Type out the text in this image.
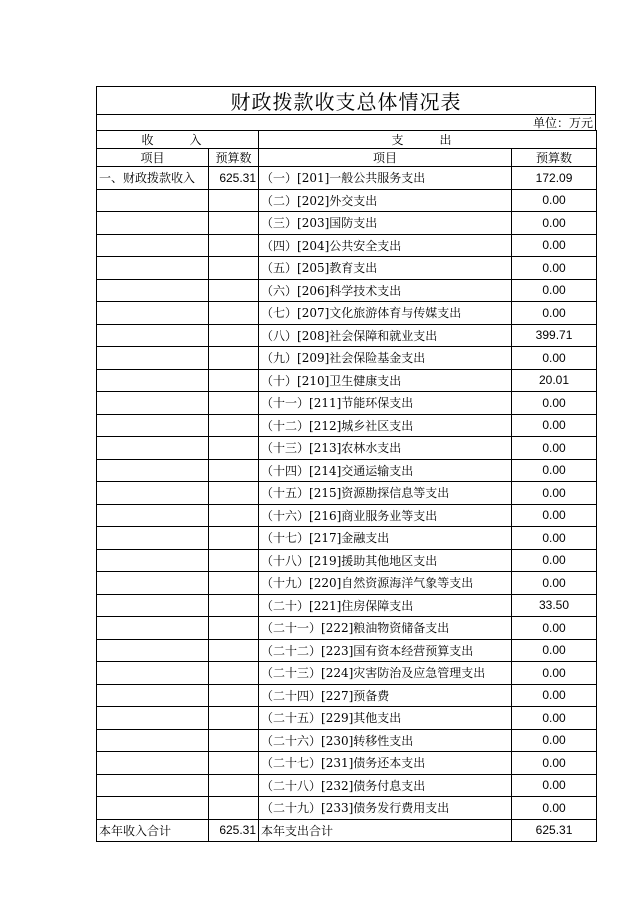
财政拨款收支总体情况表
单位：万元
收　入		支　出	
项目	预算数	项目	预算数
一、财政拨款收入	625.31	（一）[201]一般公共服务支出	172.09
		（二）[202]外交支出	0.00
		（三）[203]国防支出	0.00
		（四）[204]公共安全支出	0.00
		（五）[205]教育支出	0.00
		（六）[206]科学技术支出	0.00
		（七）[207]文化旅游体育与传媒支出	0.00
		（八）[208]社会保障和就业支出	399.71
		（九）[209]社会保险基金支出	0.00
		（十）[210]卫生健康支出	20.01
		（十一）[211]节能环保支出	0.00
		（十二）[212]城乡社区支出	0.00
		（十三）[213]农林水支出	0.00
		（十四）[214]交通运输支出	0.00
		（十五）[215]资源勘探信息等支出	0.00
		（十六）[216]商业服务业等支出	0.00
		（十七）[217]金融支出	0.00
		（十八）[219]援助其他地区支出	0.00
		（十九）[220]自然资源海洋气象等支出	0.00
		（二十）[221]住房保障支出	33.50
		（二十一）[222]粮油物资储备支出	0.00
		（二十二）[223]国有资本经营预算支出	0.00
		（二十三）[224]灾害防治及应急管理支出	0.00
		（二十四）[227]预备费	0.00
		（二十五）[229]其他支出	0.00
		（二十六）[230]转移性支出	0.00
		（二十七）[231]债务还本支出	0.00
		（二十八）[232]债务付息支出	0.00
		（二十九）[233]债务发行费用支出	0.00
本年收入合计	625.31	本年支出合计	625.31
